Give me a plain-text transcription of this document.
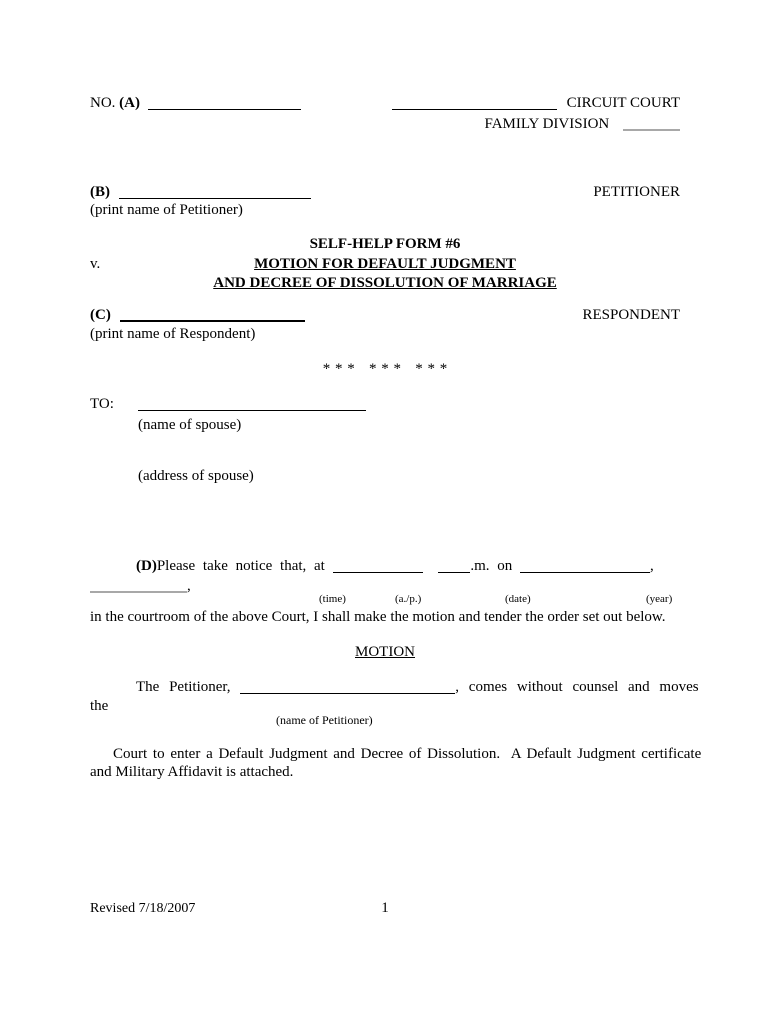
NO. (A)	CIRCUIT COURT
FAMILY DIVISION
(B)	PETITIONER
(print name of Petitioner)
SELF-HELP FORM #6
v.	MOTION FOR DEFAULT JUDGMENT
AND DECREE OF DISSOLUTION OF MARRIAGE
(C)	RESPONDENT
(print name of Respondent)
* * *   * * *   * * *
TO:
(name of spouse)
(address of spouse)
(D)Please take notice that, at	.m. on	,
,
(time)	(a./p.)	(date)	(year)
in the courtroom of the above Court, I shall make the motion and tender the order set out below.
MOTION
The Petitioner,	, comes without counsel and moves
the
(name of Petitioner)

Court to enter a Default Judgment and Decree of Dissolution.  A Default Judgment certificate

and Military Affidavit is attached.
Revised 7/18/2007	1
